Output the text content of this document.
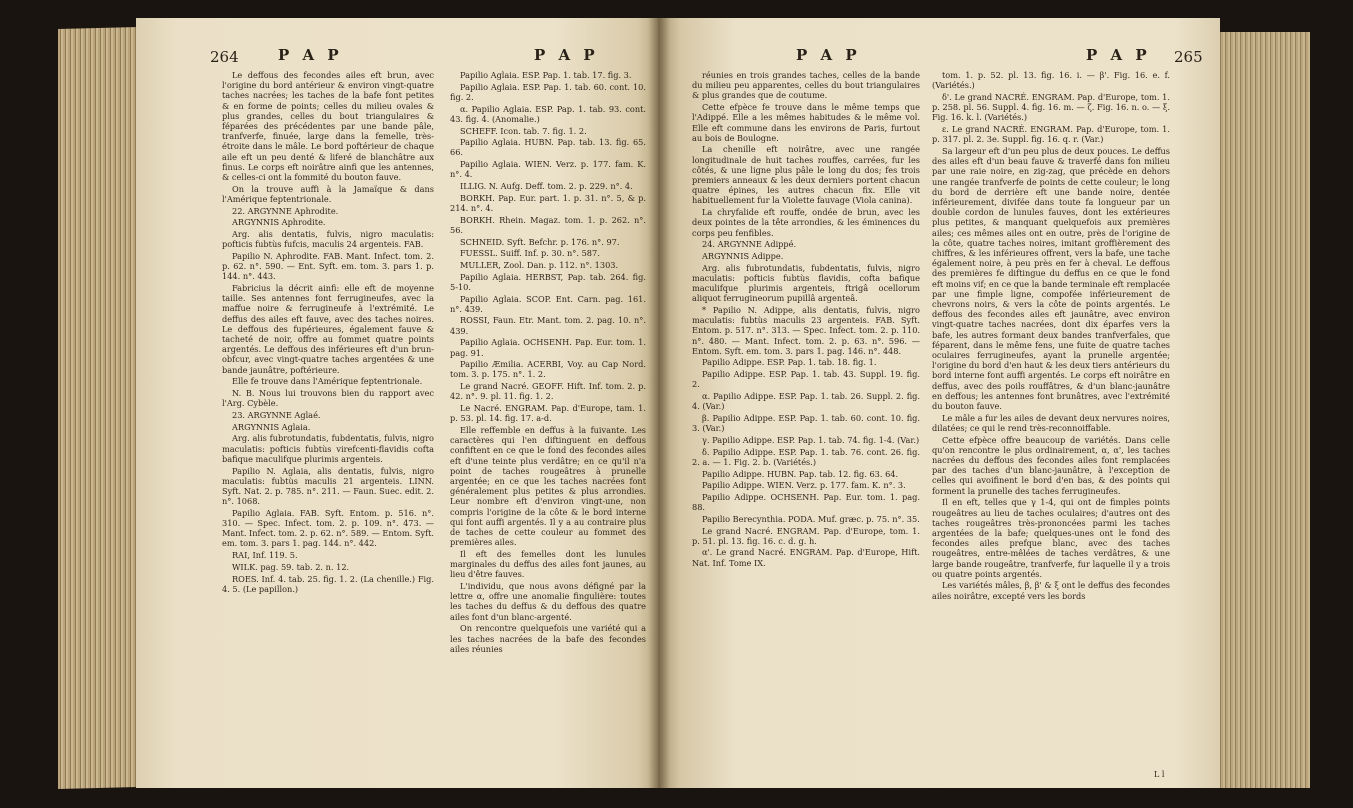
264	P A P	P A P

Le deffous des fecondes ailes eft brun, avec l'origine du bord antérieur & environ vingt-quatre taches nacrées; les taches de la bafe font petites & en forme de points; celles du milieu ovales & plus grandes, celles du bout triangulaires & féparées des précédentes par une bande pâle, tranfverfe, finuée, large dans la femelle, très-étroite dans le mâle. Le bord poftérieur de chaque aile eft un peu denté & liferé de blanchâtre aux finus. Le corps eft noirâtre ainfi que les antennes, & celles-ci ont la fommité du bouton fauve.

On la trouve auffi à la Jamaïque & dans l'Amérique feptentrionale.

22. ARGYNNE Aphrodite.

ARGYNNIS Aphrodite.

Arg. alis dentatis, fulvis, nigro maculatis: pofticis fubtùs fufcis, maculis 24 argenteis. FAB.

Papilio N. Aphrodite. FAB. Mant. Infect. tom. 2. p. 62. n°. 590. — Ent. Syft. em. tom. 3. pars 1. p. 144. n°. 443.

Fabricius la décrit ainfi: elle eft de moyenne taille. Ses antennes font ferrugineufes, avec la maffue noire & ferrugineufe à l'extrémité. Le deffus des ailes eft fauve, avec des taches noires. Le deffous des fupérieures, également fauve & tacheté de noir, offre au fommet quatre points argentés. Le deffous des inférieures eft d'un brun-obfcur, avec vingt-quatre taches argentées & une bande jaunâtre, poftérieure.

Elle fe trouve dans l'Amérique feptentrionale.

N. B. Nous lui trouvons bien du rapport avec l'Arg. Cybèle.

23. ARGYNNE Aglaé.

ARGYNNIS Aglaia.

Arg. alis fubrotundatis, fubdentatis, fulvis, nigro maculatis: pofticis fubtùs virefcenti-flavidis cofta bafique maculifque plurimis argenteis.

Papilio N. Aglaia, alis dentatis, fulvis, nigro maculatis: fubtùs maculis 21 argenteis. LINN. Syft. Nat. 2. p. 785. n°. 211. — Faun. Suec. edit. 2. n°. 1068.

Papilio Aglaia. FAB. Syft. Entom. p. 516. n°. 310. — Spec. Infect. tom. 2. p. 109. n°. 473. — Mant. Infect. tom. 2. p. 62. n°. 589. — Entom. Syft. em. tom. 3. pars 1. pag. 144. n°. 442.

RAI, Inf. 119. 5.

WILK. pag. 59. tab. 2. n. 12.

ROES. Inf. 4. tab. 25. fig. 1. 2. (La chenille.) Fig. 4. 5. (Le papillon.)

Papilio Aglaia. ESP. Pap. 1. tab. 17. fig. 3.

Papilio Aglaia. ESP. Pap. 1. tab. 60. cont. 10. fig. 2.

α. Papilio Aglaia. ESP. Pap. 1. tab. 93. cont. 43. fig. 4. (Anomalie.)

SCHEFF. Icon. tab. 7. fig. 1. 2.

Papilio Aglaia. HUBN. Pap. tab. 13. fig. 65. 66.

Papilio Aglaia. WIEN. Verz. p. 177. fam. K. n°. 4.

ILLIG. N. Aufg. Deff. tom. 2. p. 229. n°. 4.

BORKH. Pap. Eur. part. 1. p. 31. n°. 5, & p. 214. n°. 4.

BORKH. Rhein. Magaz. tom. 1. p. 262. n°. 56.

SCHNEID. Syft. Befchr. p. 176. n°. 97.

FUESSL. Suiff. Inf. p. 30. n°. 587.

MULLER, Zool. Dan. p. 112. n°. 1303.

Papilio Aglaia. HERBST, Pap. tab. 264. fig. 5-10.

Papilio Aglaia. SCOP. Ent. Carn. pag. 161. n°. 439.

ROSSI, Faun. Etr. Mant. tom. 2. pag. 10. n°. 439.

Papilio Aglaia. OCHSENH. Pap. Eur. tom. 1. pag. 91.

Papilio Æmilia. ACERBI, Voy. au Cap Nord. tom. 3. p. 175. n°. 1. 2.

Le grand Nacré. GEOFF. Hift. Inf. tom. 2. p. 42. n°. 9. pl. 11. fig. 1. 2.

Le Nacré. ENGRAM. Pap. d'Europe, tam. 1. p. 53. pl. 14. fig. 17. a-d.

Elle reffemble en deffus à la fuivante. Les caractères qui l'en diftinguent en deffous confiftent en ce que le fond des fecondes ailes eft d'une teinte plus verdâtre; en ce qu'il n'a point de taches rougeâtres à prunelle argentée; en ce que les taches nacrées font généralement plus petites & plus arrondies. Leur nombre eft d'environ vingt-une, non compris l'origine de la côte & le bord interne qui font auffi argentés. Il y a au contraire plus de taches de cette couleur au fommet des premières ailes.

Il eft des femelles dont les lunules marginales du deffus des ailes font jaunes, au lieu d'être fauves.

L'individu, que nous avons défigné par la lettre α, offre une anomalie fingulière: toutes les taches du deffus & du deffous des quatre ailes font d'un blanc-argenté.

On rencontre quelquefois une variété qui a les taches nacrées de la bafe des fecondes ailes réunies

P A P	P A P 265

réunies en trois grandes taches, celles de la bande du milieu peu apparentes, celles du bout triangulaires & plus grandes que de coutume.

Cette efpèce fe trouve dans le même temps que l'Adippé. Elle a les mêmes habitudes & le même vol. Elle eft commune dans les environs de Paris, furtout au bois de Boulogne.

La chenille eft noirâtre, avec une rangée longitudinale de huit taches rouffes, carrées, fur les côtés, & une ligne plus pâle le long du dos; fes trois premiers anneaux & les deux derniers portent chacun quatre épines, les autres chacun fix. Elle vit habituellement fur la Violette fauvage (Viola canina).

La chryfalide eft rouffe, ondée de brun, avec les deux pointes de la tête arrondies, & les éminences du corps peu fenfibles.

24. ARGYNNE Adippé.

ARGYNNIS Adippe.

Arg. alis fubrotundatis, fubdentatis, fulvis, nigro maculatis: pofticis fubtùs flavidis, cofta bafique maculifque plurimis argenteis, ftrigâ ocellorum aliquot ferrugineorum pupillâ argenteâ.

* Papilio N. Adippe, alis dentatis, fulvis, nigro maculatis: fubtùs maculis 23 argenteis. FAB. Syft. Entom. p. 517. n°. 313. — Spec. Infect. tom. 2. p. 110. n°. 480. — Mant. Infect. tom. 2. p. 63. n°. 596. — Entom. Syft. em. tom. 3. pars 1. pag. 146. n°. 448.

Papilio Adippe. ESP. Pap. 1. tab. 18. fig. 1.

Papilio Adippe. ESP. Pap. 1. tab. 43. Suppl. 19. fig. 2.

α. Papilio Adippe. ESP. Pap. 1. tab. 26. Suppl. 2. fig. 4. (Var.)

β. Papilio Adippe. ESP. Pap. 1. tab. 60. cont. 10. fig. 3. (Var.)

γ. Papilio Adippe. ESP. Pap. 1. tab. 74. fig. 1-4. (Var.)

δ. Papilio Adippe. ESP. Pap. 1. tab. 76. cont. 26. fig. 2. a. — 1. Fig. 2. b. (Variétés.)

Papilio Adippe. HUBN. Pap. tab. 12. fig. 63. 64.

Papilio Adippe. WIEN. Verz. p. 177. fam. K. n°. 3.

Papilio Adippe. OCHSENH. Pap. Eur. tom. 1. pag. 88.

Papilio Berecynthia. PODA. Muf. græc. p. 75. n°. 35.

Le grand Nacré. ENGRAM. Pap. d'Europe, tom. 1. p. 51. pl. 13. fig. 16. c. d. g. h.

α'. Le grand Nacré. ENGRAM. Pap. d'Europe, Hift. Nat. Inf. Tome IX.

tom. 1. p. 52. pl. 13. fig. 16. i. — β'. Fig. 16. e. f. (Variétés.)

δ'. Le grand NACRÉ. ENGRAM. Pap. d'Europe, tom. 1. p. 258. pl. 56. Suppl. 4. fig. 16. m. — ζ. Fig. 16. n. o. — ξ. Fig. 16. k. l. (Variétés.)

ε. Le grand NACRÉ. ENGRAM. Pap. d'Europe, tom. 1. p. 317. pl. 2. 3e. Suppl. fig. 16. q. r. (Var.)

Sa largeur eft d'un peu plus de deux pouces. Le deffus des ailes eft d'un beau fauve & traverfé dans fon milieu par une raie noire, en zig-zag, que précède en dehors une rangée tranfverfe de points de cette couleur; le long du bord de derrière eft une bande noire, dentée inférieurement, divifée dans toute fa longueur par un double cordon de lunules fauves, dont les extérieures plus petites, & manquant quelquefois aux premières ailes; ces mêmes ailes ont en outre, près de l'origine de la côte, quatre taches noires, imitant groffièrement des chiffres, & les inférieures offrent, vers la bafe, une tache également noire, à peu près en fer à cheval. Le deffous des premières fe diftingue du deffus en ce que le fond eft moins vif; en ce que la bande terminale eft remplacée par une fimple ligne, compofée inférieurement de chevrons noirs, & vers la côte de points argentés. Le deffous des fecondes ailes eft jaunâtre, avec environ vingt-quatre taches nacrées, dont dix éparfes vers la bafe, les autres formant deux bandes tranfverfales, que féparent, dans le même fens, une fuite de quatre taches oculaires ferrugineufes, ayant la prunelle argentée; l'origine du bord d'en haut & les deux tiers antérieurs du bord interne font auffi argentés. Le corps eft noirâtre en deffus, avec des poils rouffâtres, & d'un blanc-jaunâtre en deffous; les antennes font brunâtres, avec l'extrémité du bouton fauve.

Le mâle a fur les ailes de devant deux nervures noires, dilatées; ce qui le rend très-reconnoiffable.

Cette efpèce offre beaucoup de variétés. Dans celle qu'on rencontre le plus ordinairement, α, α', les taches nacrées du deffous des fecondes ailes font remplacées par des taches d'un blanc-jaunâtre, à l'exception de celles qui avoifinent le bord d'en bas, & des points qui forment la prunelle des taches ferrugineufes.

Il en eft, telles que γ 1-4, qui ont de fimples points rougeâtres au lieu de taches oculaires; d'autres ont des taches rougeâtres très-prononcées parmi les taches argentées de la bafe; quelques-unes ont le fond des fecondes ailes prefque blanc, avec des taches rougeâtres, entre-mêlées de taches verdâtres, & une large bande rougeâtre, tranfverfe, fur laquelle il y a trois ou quatre points argentés.

Les variétés mâles, β, β' & ξ ont le deffus des fecondes ailes noirâtre, excepté vers les bords

L l
